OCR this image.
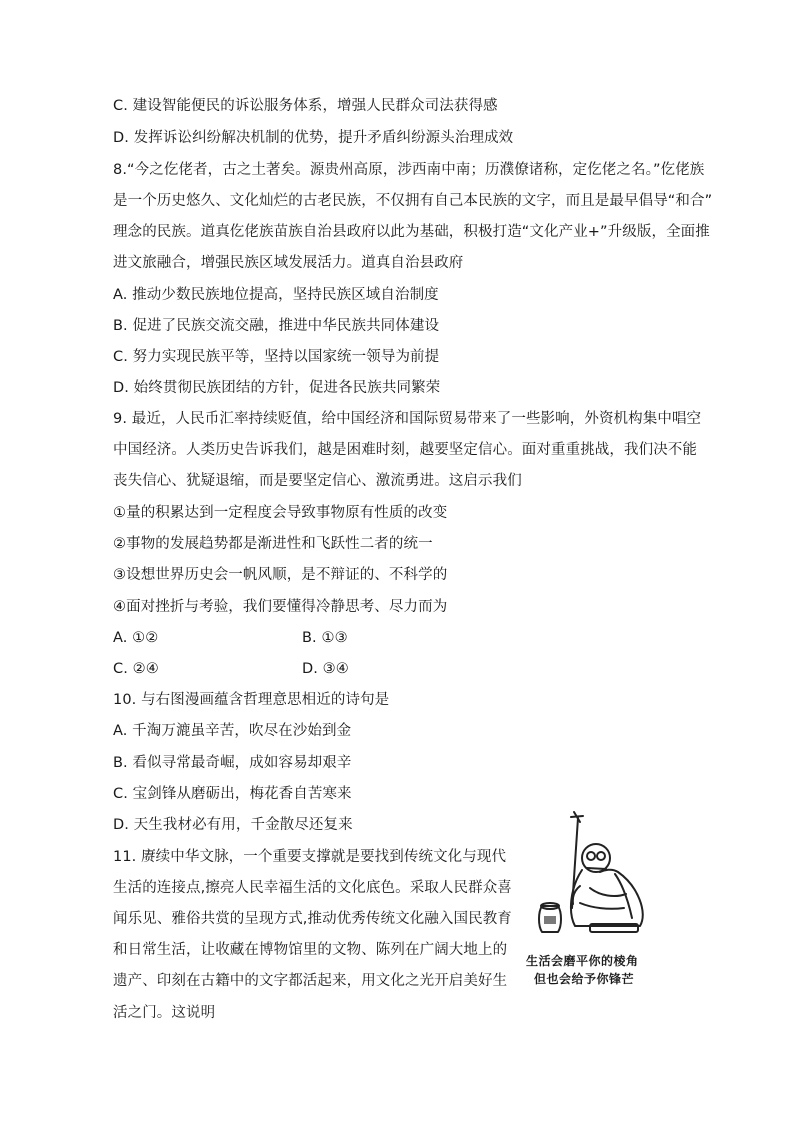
C. 建设智能便民的诉讼服务体系，增强人民群众司法获得感
D. 发挥诉讼纠纷解决机制的优势，提升矛盾纠纷源头治理成效
8.“今之仡佬者，古之土著矣。源贵州高原，涉西南中南；历濮僚诸称，定仡佬之名。”仡佬族
是一个历史悠久、文化灿烂的古老民族，不仅拥有自己本民族的文字，而且是最早倡导“和合”
理念的民族。道真仡佬族苗族自治县政府以此为基础，积极打造“文化产业+”升级版，全面推
进文旅融合，增强民族区域发展活力。道真自治县政府
A. 推动少数民族地位提高，坚持民族区域自治制度
B. 促进了民族交流交融，推进中华民族共同体建设
C. 努力实现民族平等，坚持以国家统一领导为前提
D. 始终贯彻民族团结的方针，促进各民族共同繁荣
9. 最近，人民币汇率持续贬值，给中国经济和国际贸易带来了一些影响，外资机构集中唱空
中国经济。人类历史告诉我们，越是困难时刻，越要坚定信心。面对重重挑战，我们决不能
丧失信心、犹疑退缩，而是要坚定信心、激流勇进。这启示我们
①量的积累达到一定程度会导致事物原有性质的改变
②事物的发展趋势都是渐进性和飞跃性二者的统一
③设想世界历史会一帆风顺，是不辩证的、不科学的
④面对挫折与考验，我们要懂得冷静思考、尽力而为
A. ①②	B. ①③
C. ②④	D. ③④
10. 与右图漫画蕴含哲理意思相近的诗句是
A. 千淘万漉虽辛苦，吹尽在沙始到金
B. 看似寻常最奇崛，成如容易却艰辛
C. 宝剑锋从磨砺出，梅花香自苦寒来
D. 天生我材必有用，千金散尽还复来
11. 赓续中华文脉，一个重要支撑就是要找到传统文化与现代
生活的连接点,擦亮人民幸福生活的文化底色。采取人民群众喜
闻乐见、雅俗共赏的呈现方式,推动优秀传统文化融入国民教育
和日常生活，让收藏在博物馆里的文物、陈列在广阔大地上的
遗产、印刻在古籍中的文字都活起来，用文化之光开启美好生
活之门。这说明
生活会磨平你的棱角
但也会给予你锋芒
